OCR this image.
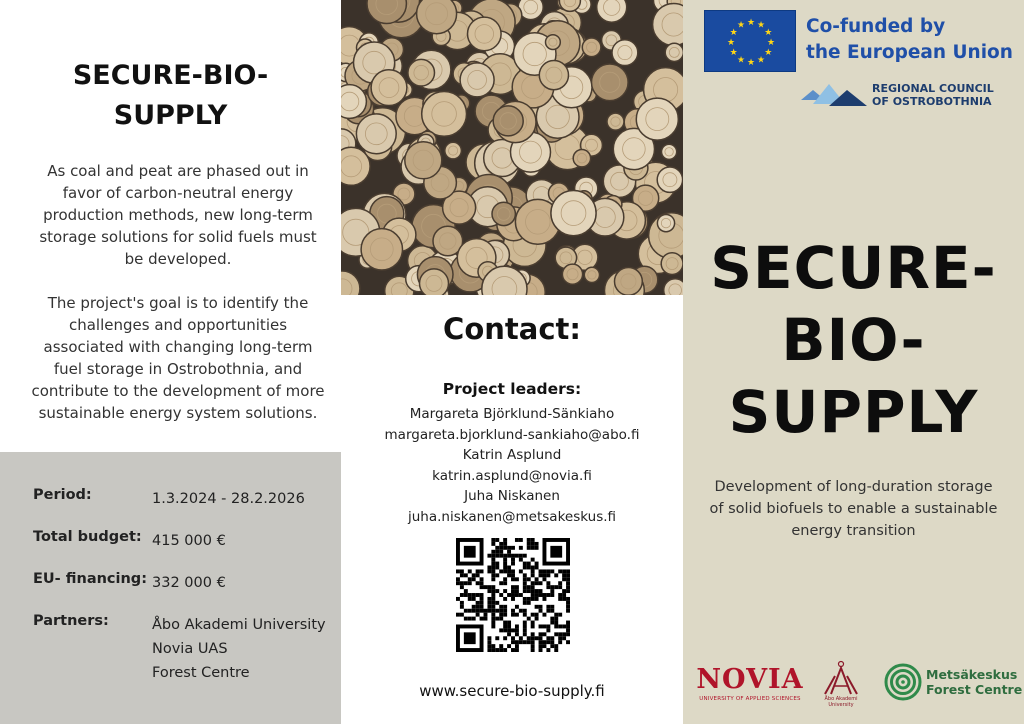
SECURE-BIO-
SUPPLY

As coal and peat are phased out in favor of carbon-neutral energy production methods, new long-term storage solutions for solid fuels must be developed.

The project's goal is to identify the challenges and opportunities associated with changing long-term fuel storage in Ostrobothnia, and contribute to the development of more sustainable energy system solutions.

Period:	1.3.2024 - 28.2.2026
Total budget: 415 000 €
EU- financing: 332 000 €
Partners:	Åbo Akademi University
Novia UAS
Forest Centre
Contact:
Project leaders:
Margareta Björklund-Sänkiaho
margareta.bjorklund-sankiaho@abo.fi
Katrin Asplund
katrin.asplund@novia.fi
Juha Niskanen
juha.niskanen@metsakeskus.fi
www.secure-bio-supply.fi
★
★
★
★
★
★
★
★
★ ★ ★
★ Co-funded by
the European Union
REGIONAL COUNCIL
OF OSTROBOTHNIA
SECURE-
BIO-
SUPPLY
Development of long-duration storage of solid biofuels to enable a sustainable energy transition
NOVIA
UNIVERSITY OF APPLIED SCIENCES	Åbo Akademi
University
Metsäkeskus
Forest Centre
